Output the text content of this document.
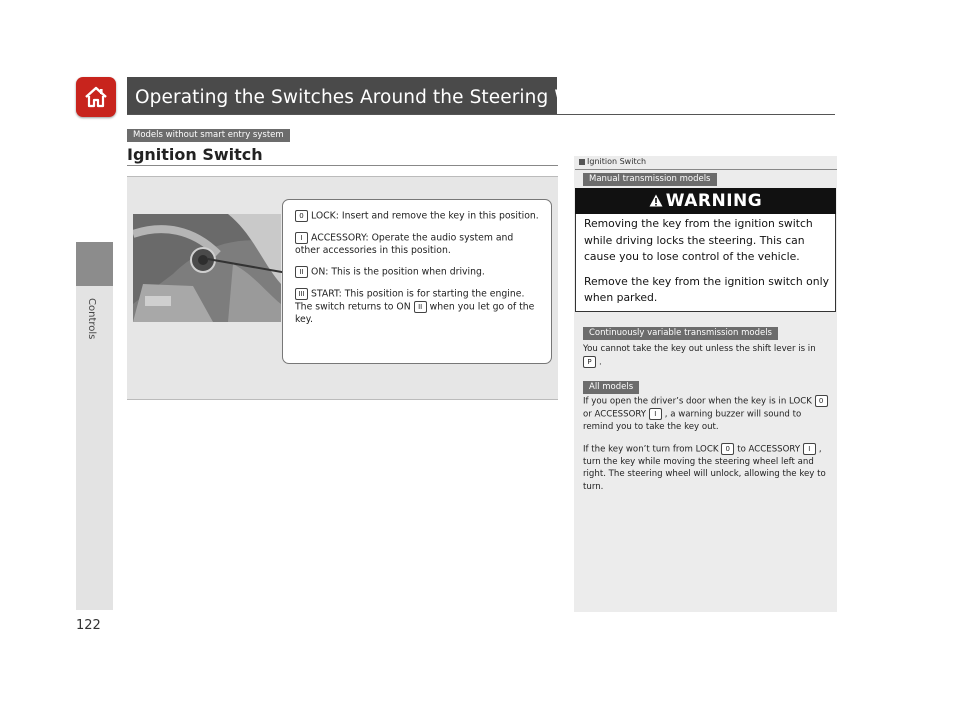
Operating the Switches Around the Steering Wheel
Controls
122
Models without smart entry system
Ignition Switch

0 LOCK: Insert and remove the key in this position.

I ACCESSORY: Operate the audio system and other accessories in this position.

II ON: This is the position when driving.

III START: This position is for starting the engine. The switch returns to ON II when you let go of the key.

Ignition Switch
Manual transmission models
WARNING

Removing the key from the ignition switch while driving locks the steering. This can cause you to lose control of the vehicle.

Remove the key from the ignition switch only when parked.

Continuously variable transmission models
You cannot take the key out unless the shift lever is in P .
All models

If you open the driver’s door when the key is in LOCK 0or ACCESSORY I , a warning buzzer will sound to remind you to take the key out.

If the key won’t turn from LOCK 0 to ACCESSORY I , turn the key while moving the steering wheel left and right. The steering wheel will unlock, allowing the key to turn.
